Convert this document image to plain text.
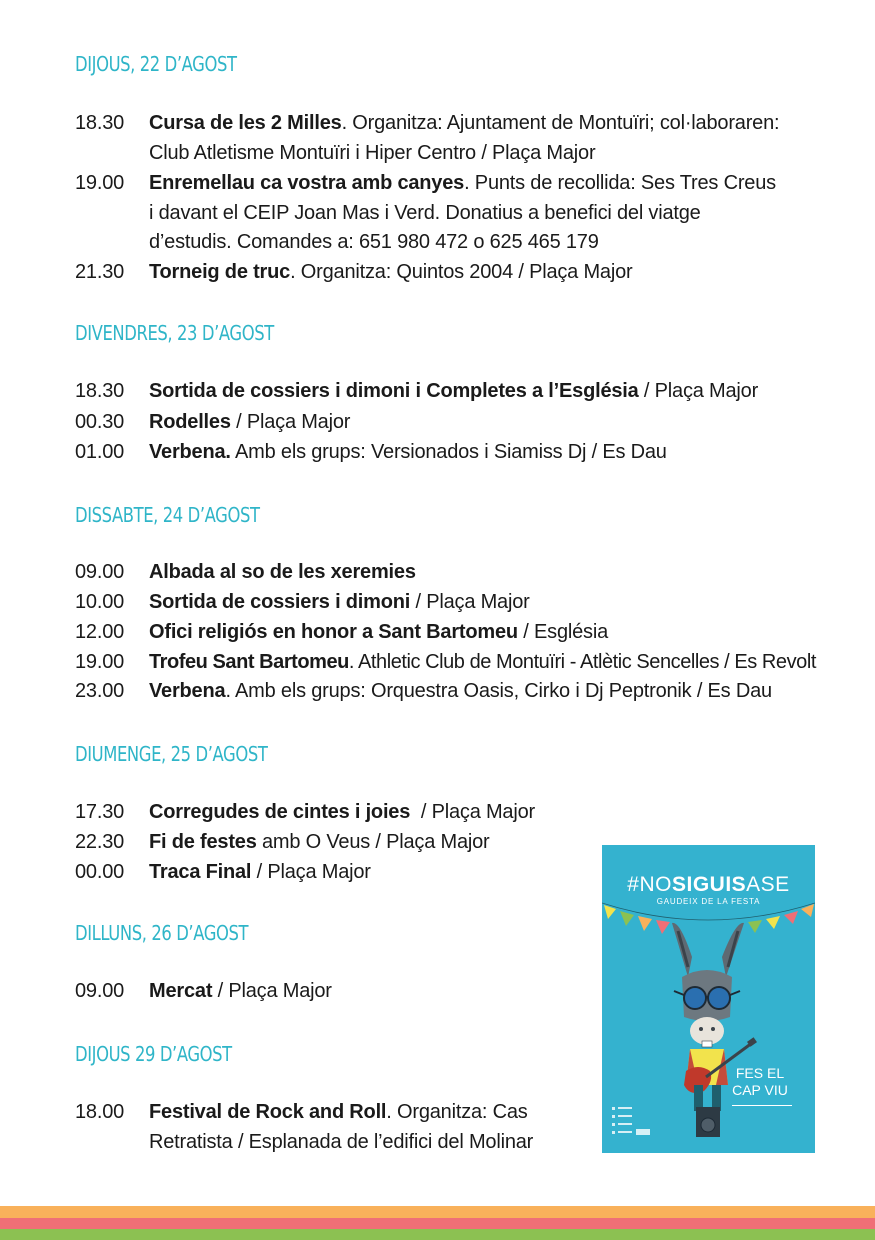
DIJOUS, 22 D’AGOST
18.30	Cursa de les 2 Milles. Organitza: Ajuntament de Montuïri; col·laboraren: Club Atletisme Montuïri i Hiper Centro / Plaça Major
19.00	Enremellau ca vostra amb canyes. Punts de recollida: Ses Tres Creus i davant el CEIP Joan Mas i Verd. Donatius a benefici del viatge d’estudis. Comandes a: 651 980 472 o 625 465 179
21.30	Torneig de truc. Organitza: Quintos 2004 / Plaça Major
DIVENDRES, 23 D’AGOST
18.30	Sortida de cossiers i dimoni i Completes a l’Església / Plaça Major
00.30	Rodelles / Plaça Major
01.00	Verbena. Amb els grups: Versionados i Siamiss Dj / Es Dau
DISSABTE, 24 D’AGOST
09.00	Albada al so de les xeremies
10.00	Sortida de cossiers i dimoni / Plaça Major
12.00	Ofici religiós en honor a Sant Bartomeu / Església
19.00	Trofeu Sant Bartomeu. Athletic Club de Montuïri - Atlètic Sencelles / Es Revolt
23.00	Verbena. Amb els grups: Orquestra Oasis, Cirko i Dj Peptronik / Es Dau
DIUMENGE, 25 D’AGOST
17.30	Corregudes de cintes i joies  / Plaça Major
22.30	Fi de festes amb O Veus / Plaça Major
00.00	Traca Final / Plaça Major
DILLUNS, 26 D’AGOST
09.00	Mercat / Plaça Major
DIJOUS 29 D’AGOST
18.00	Festival de Rock and Roll. Organitza: Cas Retratista / Esplanada de l’edifici del Molinar
#NOSIGUISASE
GAUDEIX DE LA FESTA
FES EL
CAP VIU
